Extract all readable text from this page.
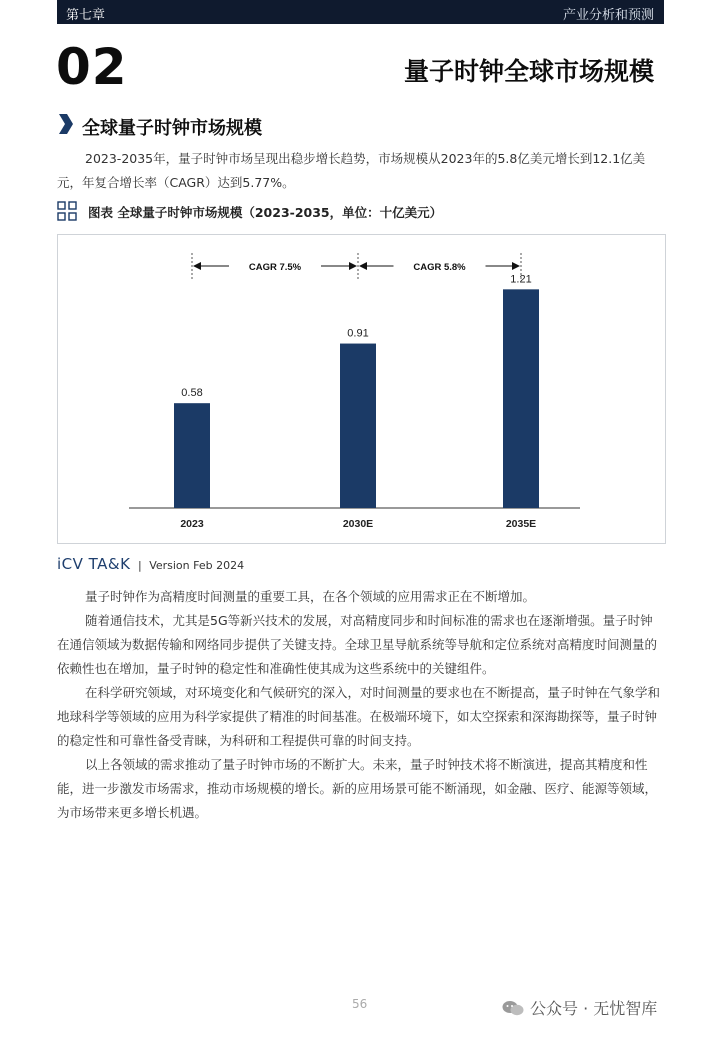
第七章	产业分析和预测
02	量子时钟全球市场规模
全球量子时钟市场规模

2023-2035年，量子时钟市场呈现出稳步增长趋势，市场规模从2023年的5.8亿美元增长到12.1亿美元，年复合增长率（CAGR）达到5.77%。

图表 全球量子时钟市场规模（2023-2035，单位：十亿美元）
0.58
2023
0.91
2030E
1.21
2035E
CAGR 7.5%	CAGR 5.8%
iCV TA&K | Version Feb 2024

量子时钟作为高精度时间测量的重要工具，在各个领域的应用需求正在不断增加。

随着通信技术，尤其是5G等新兴技术的发展，对高精度同步和时间标准的需求也在逐渐增强。量子时钟在通信领域为数据传输和网络同步提供了关键支持。全球卫星导航系统等导航和定位系统对高精度时间测量的依赖性也在增加，量子时钟的稳定性和准确性使其成为这些系统中的关键组件。

在科学研究领域，对环境变化和气候研究的深入，对时间测量的要求也在不断提高，量子时钟在气象学和地球科学等领域的应用为科学家提供了精准的时间基准。在极端环境下，如太空探索和深海勘探等，量子时钟的稳定性和可靠性备受青睐，为科研和工程提供可靠的时间支持。

以上各领域的需求推动了量子时钟市场的不断扩大。未来，量子时钟技术将不断演进，提高其精度和性能，进一步激发市场需求，推动市场规模的增长。新的应用场景可能不断涌现，如金融、医疗、能源等领域，为市场带来更多增长机遇。

56	公众号 · 无忧智库
